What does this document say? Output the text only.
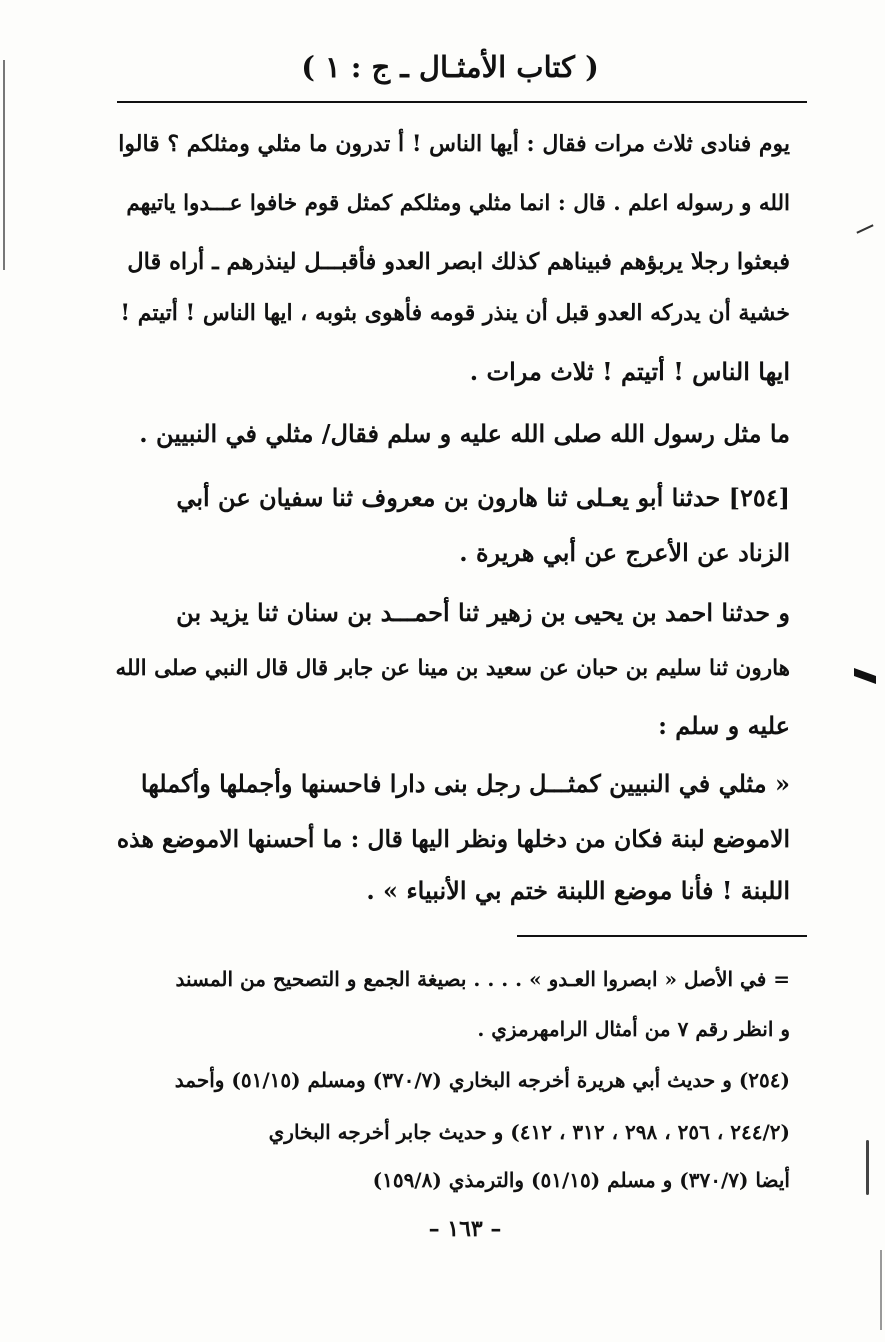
( كتاب الأمثـال ـ ج : ١ )
يوم فنادى ثلاث مرات فقال : أيها الناس ! أ تدرون ما مثلي ومثلكم ؟ قالوا
الله و رسوله اعلم . قال : انما مثلي ومثلكم كمثل قوم خافوا عـــدوا ياتيهم
فبعثوا رجلا يربؤهم فبيناهم كذلك ابصر العدو فأقبـــل لينذرهم ـ أراه قال
خشية أن يدركه العدو قبل أن ينذر قومه فأهوى بثوبه ، ايها الناس ! أتيتم !
ايها الناس ! أتيتم ! ثلاث مرات .
ما مثل رسول الله صلى الله عليه و سلم فقال/ مثلي في النبيين .
[٢٥٤] حدثنا أبو يعـلى ثنا هارون بن معروف ثنا سفيان عن أبي
الزناد عن الأعرج عن أبي هريرة .
و حدثنا احمد بن يحيى بن زهير ثنا أحمـــد بن سنان ثنا يزيد بن
هارون ثنا سليم بن حبان عن سعيد بن مينا عن جابر قال قال النبي صلى الله
عليه و سلم :
« مثلي في النبيين كمثـــل رجل بنى دارا فاحسنها وأجملها وأكملها
الاموضع لبنة فكان من دخلها ونظر اليها قال : ما أحسنها الاموضع هذه
اللبنة ! فأنا موضع اللبنة ختم بي الأنبياء » .
= في الأصل « ابصروا العـدو » . . . . بصيغة الجمع و التصحيح من المسند
و انظر رقم ٧ من أمثال الرامهرمزي .
(٢٥٤) و حديث أبي هريرة أخرجه البخاري (٣٧٠/٧) ومسلم (٥١/١٥) وأحمد
(٢٤٤/٢ ، ٢٥٦ ، ٢٩٨ ، ٣١٢ ، ٤١٢) و حديث جابر أخرجه البخاري
أيضا (٣٧٠/٧) و مسلم (٥١/١٥) والترمذي (١٥٩/٨)
– ١٦٣ –
